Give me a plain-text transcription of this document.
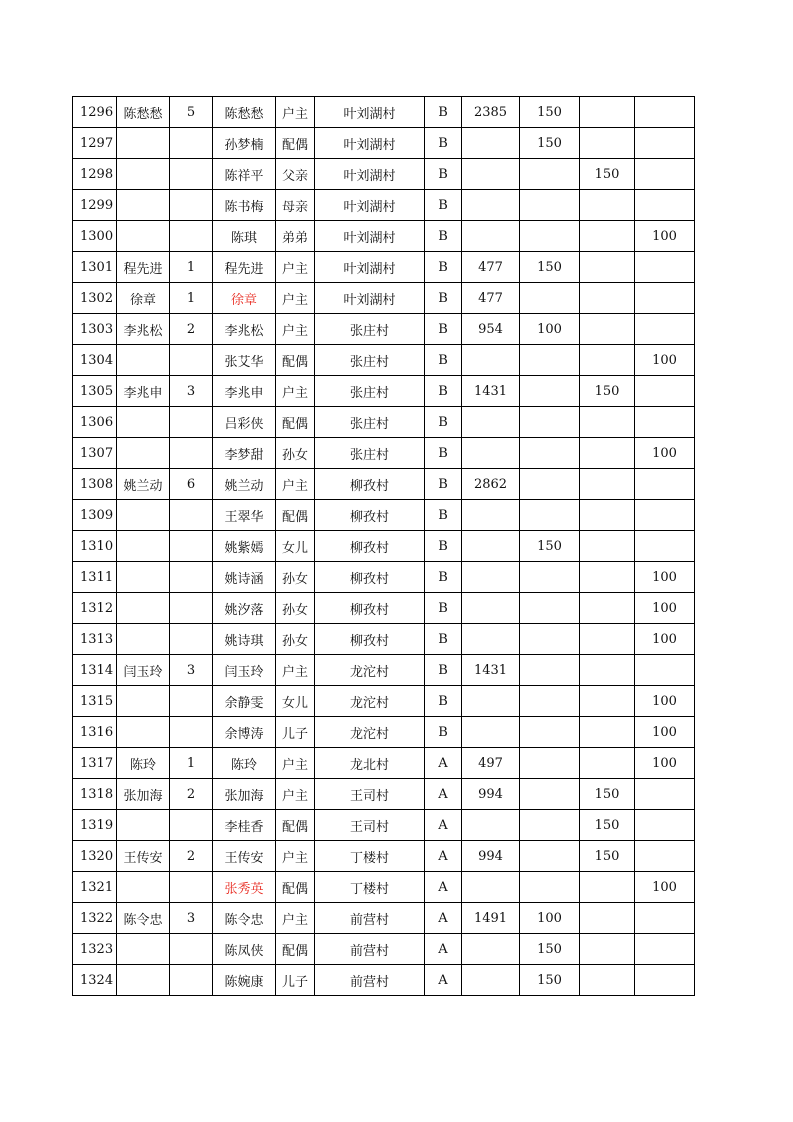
1296	陈愁愁	5	陈愁愁	户主	叶刘湖村	B	2385	150		
1297			孙梦楠	配偶	叶刘湖村	B		150		
1298			陈祥平	父亲	叶刘湖村	B			150	
1299			陈书梅	母亲	叶刘湖村	B				
1300			陈琪	弟弟	叶刘湖村	B				100
1301	程先进	1	程先进	户主	叶刘湖村	B	477	150		
1302	徐章	1	徐章	户主	叶刘湖村	B	477			
1303	李兆松	2	李兆松	户主	张庄村	B	954	100		
1304			张艾华	配偶	张庄村	B				100
1305	李兆申	3	李兆申	户主	张庄村	B	1431		150	
1306			吕彩侠	配偶	张庄村	B				
1307			李梦甜	孙女	张庄村	B				100
1308	姚兰动	6	姚兰动	户主	柳孜村	B	2862			
1309			王翠华	配偶	柳孜村	B				
1310			姚紫嫣	女儿	柳孜村	B		150		
1311			姚诗涵	孙女	柳孜村	B				100
1312			姚汐落	孙女	柳孜村	B				100
1313			姚诗琪	孙女	柳孜村	B				100
1314	闫玉玲	3	闫玉玲	户主	龙沱村	B	1431			
1315			余静雯	女儿	龙沱村	B				100
1316			余博涛	儿子	龙沱村	B				100
1317	陈玲	1	陈玲	户主	龙北村	A	497			100
1318	张加海	2	张加海	户主	王司村	A	994		150	
1319			李桂香	配偶	王司村	A			150	
1320	王传安	2	王传安	户主	丁楼村	A	994		150	
1321			张秀英	配偶	丁楼村	A				100
1322	陈令忠	3	陈令忠	户主	前营村	A	1491	100		
1323			陈凤侠	配偶	前营村	A		150		
1324			陈婉康	儿子	前营村	A		150		
